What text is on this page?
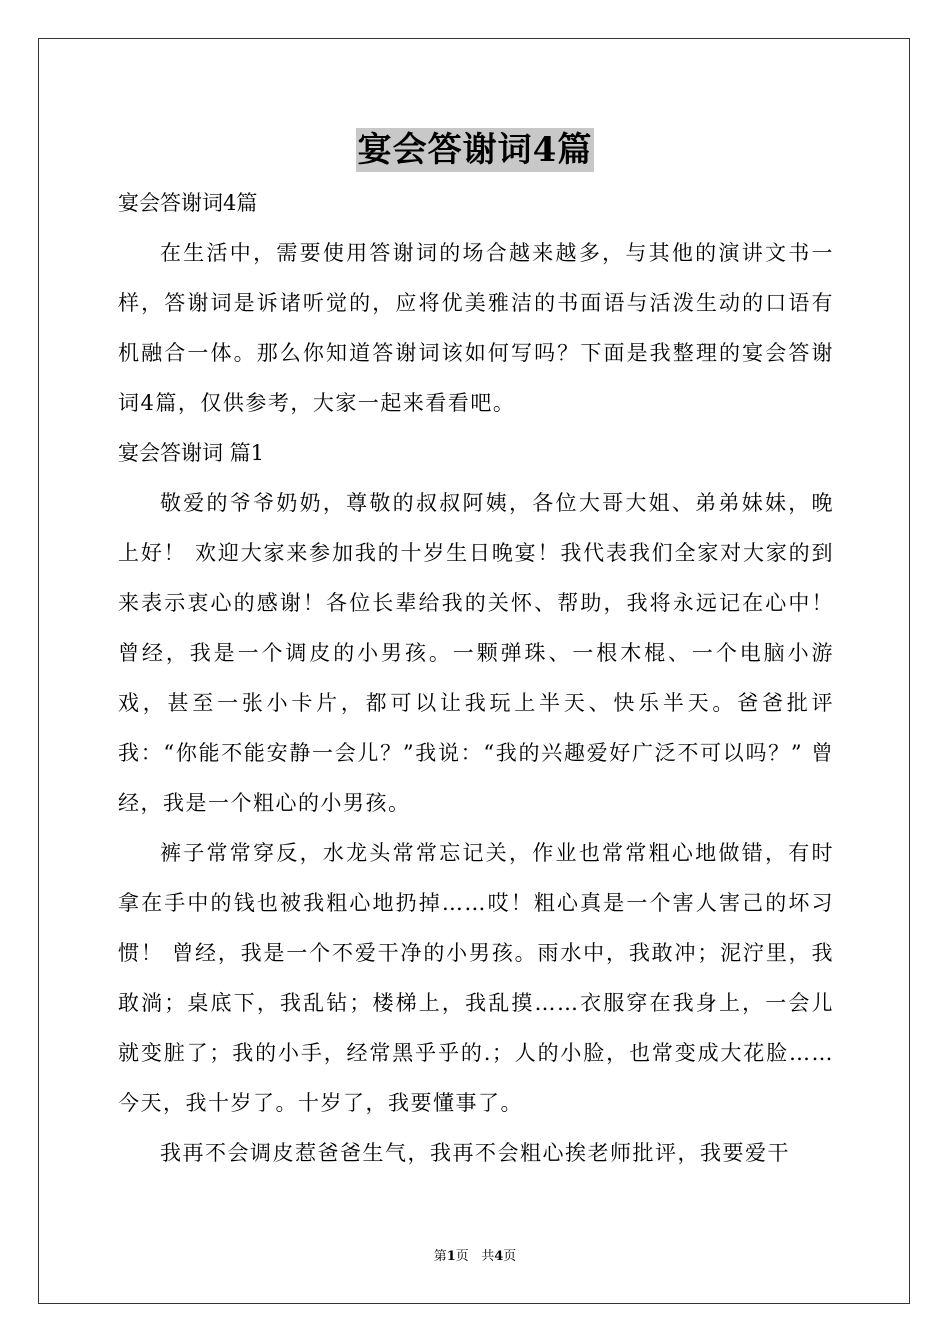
宴会答谢词4篇

宴会答谢词4篇

在生活中，需要使用答谢词的场合越来越多，与其他的演讲文书一样，答谢词是诉诸听觉的，应将优美雅洁的书面语与活泼生动的口语有机融合一体。那么你知道答谢词该如何写吗？下面是我整理的宴会答谢词4篇，仅供参考，大家一起来看看吧。

宴会答谢词 篇1

敬爱的爷爷奶奶，尊敬的叔叔阿姨，各位大哥大姐、弟弟妹妹，晚上好！ 欢迎大家来参加我的十岁生日晚宴！我代表我们全家对大家的到来表示衷心的感谢！各位长辈给我的关怀、帮助，我将永远记在心中！ 曾经，我是一个调皮的小男孩。一颗弹珠、一根木棍、一个电脑小游戏，甚至一张小卡片，都可以让我玩上半天、快乐半天。爸爸批评我：“你能不能安静一会儿？”我说：“我的兴趣爱好广泛不可以吗？” 曾经，我是一个粗心的小男孩。

裤子常常穿反，水龙头常常忘记关，作业也常常粗心地做错，有时拿在手中的钱也被我粗心地扔掉……哎！粗心真是一个害人害己的坏习惯！ 曾经，我是一个不爱干净的小男孩。雨水中，我敢冲；泥泞里，我敢淌；桌底下，我乱钻；楼梯上，我乱摸……衣服穿在我身上，一会儿就变脏了；我的小手，经常黑乎乎的.；人的小脸，也常变成大花脸…… 今天，我十岁了。十岁了，我要懂事了。

我再不会调皮惹爸爸生气，我再不会粗心挨老师批评，我要爱干

第1页 共4页
